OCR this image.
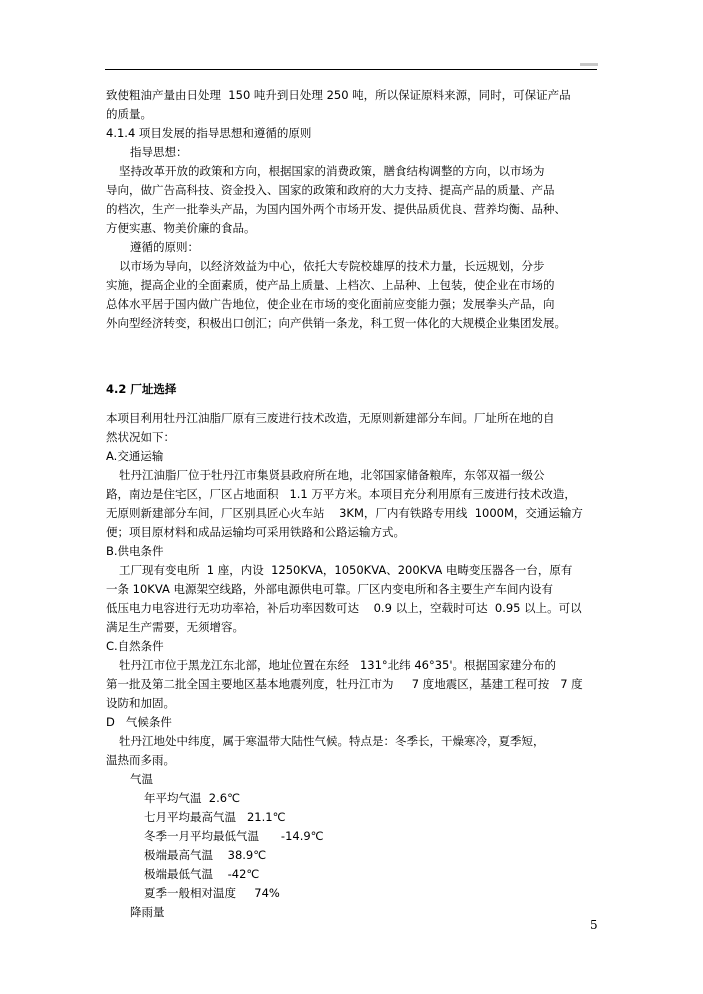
致使粗油产量由日处理  150 吨升到日处理 250 吨，所以保证原料来源，同时，可保证产品
的质量。
4.1.4 项目发展的指导思想和遵循的原则
指导思想：
坚持改革开放的政策和方向，根据国家的消费政策，膳食结构调整的方向，以市场为
导向，做广告高科技、资金投入、国家的政策和政府的大力支持、提高产品的质量、产品
的档次，生产一批拳头产品，为国内国外两个市场开发、提供品质优良、营养均衡、品种、
方便实惠、物美价廉的食品。
遵循的原则：
以市场为导向，以经济效益为中心，依托大专院校雄厚的技术力量，长远规划，分步
实施，提高企业的全面素质，使产品上质量、上档次、上品种、上包装，使企业在市场的
总体水平居于国内做广告地位，使企业在市场的变化面前应变能力强；发展拳头产品，向
外向型经济转变，积极出口创汇；向产供销一条龙，科工贸一体化的大规模企业集团发展。
4.2 厂址选择
本项目利用牡丹江油脂厂原有三废进行技术改造，无原则新建部分车间。厂址所在地的自
然状况如下：
A.交通运输
牡丹江油脂厂位于牡丹江市集贤县政府所在地，北邻国家储备粮库，东邻双福一级公
路，南边是住宅区，厂区占地面积   1.1 万平方米。本项目充分利用原有三废进行技术改造，
无原则新建部分车间，厂区别具匠心火车站    3KM，厂内有铁路专用线  1000M，交通运输方
便；项目原材料和成品运输均可采用铁路和公路运输方式。
B.供电条件
工厂现有变电所  1 座，内设  1250KVA，1050KVA、200KVA 电畴变压器各一台，原有
一条 10KVA 电源架空线路，外部电源供电可靠。厂区内变电所和各主要生产车间内设有
低压电力电容进行无功功率袷，补后功率因数可达    0.9 以上，空载时可达  0.95 以上。可以
满足生产需要，无须增容。
C.自然条件
牡丹江市位于黑龙江东北部，地址位置在东经   131°北纬 46°35'。根据国家建分布的
第一批及第二批全国主要地区基本地震列度，牡丹江市为     7 度地震区，基建工程可按   7 度
设防和加固。
D   气候条件
牡丹江地处中纬度，属于寒温带大陆性气候。特点是：冬季长，干燥寒冷，夏季短，
温热而多雨。
气温
年平均气温  2.6℃
七月平均最高气温   21.1℃
冬季一月平均最低气温      -14.9℃
极端最高气温    38.9℃
极端最低气温    -42℃
夏季一般相对温度     74%
降雨量
5
